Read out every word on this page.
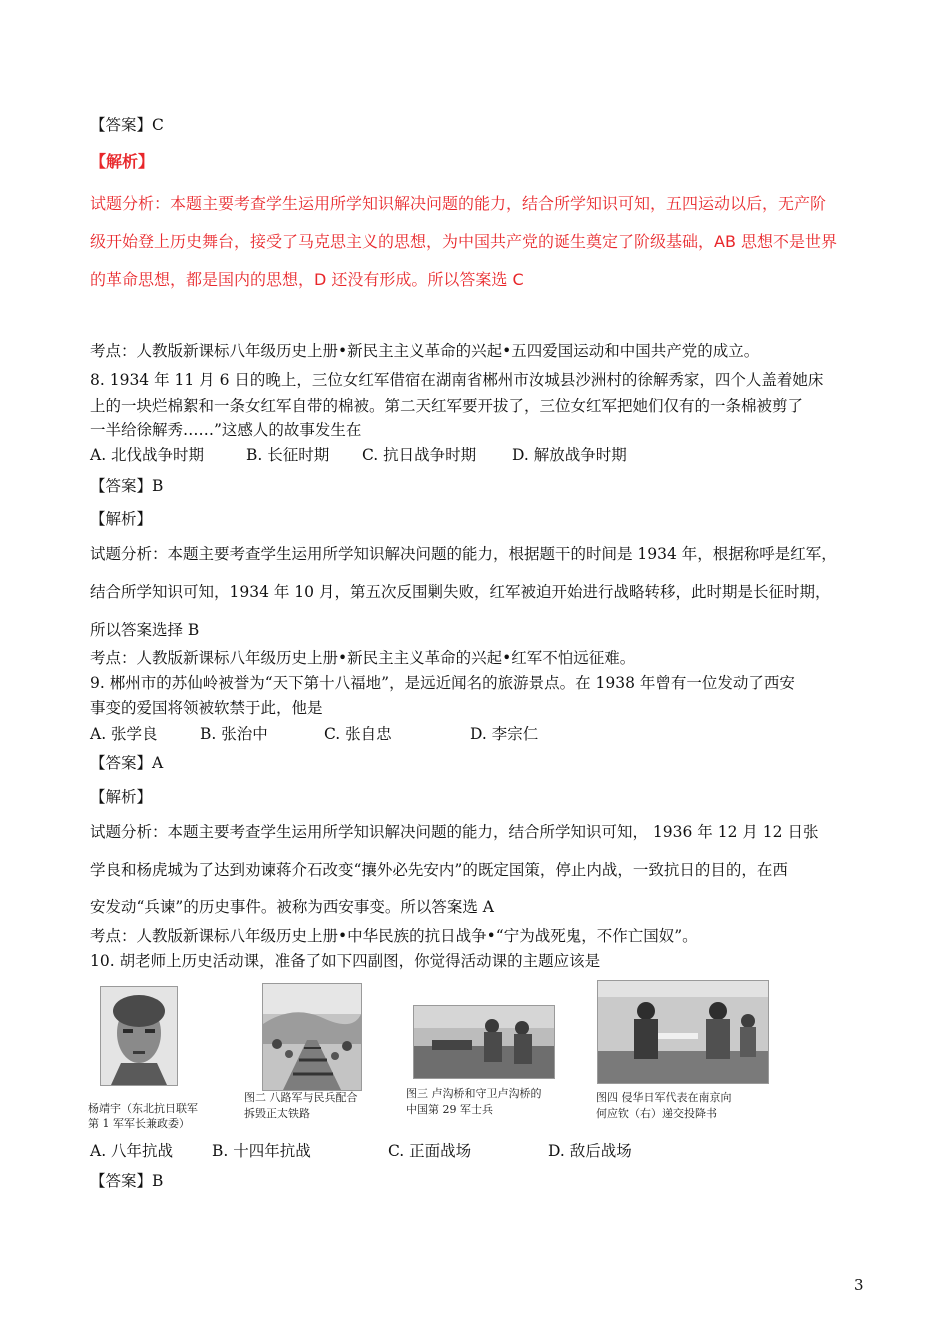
【答案】C
【解析】
试题分析：本题主要考查学生运用所学知识解决问题的能力，结合所学知识可知，五四运动以后，无产阶
级开始登上历史舞台，接受了马克思主义的思想，为中国共产党的诞生奠定了阶级基础，AB 思想不是世界
的革命思想，都是国内的思想，D 还没有形成。所以答案选 C
考点：人教版新课标八年级历史上册•新民主主义革命的兴起•五四爱国运动和中国共产党的成立。
8. 1934 年 11 月 6 日的晚上，三位女红军借宿在湖南省郴州市汝城县沙洲村的徐解秀家，四个人盖着她床
上的一块烂棉絮和一条女红军自带的棉被。第二天红军要开拔了，三位女红军把她们仅有的一条棉被剪了
一半给徐解秀……”这感人的故事发生在
A. 北伐战争时期	B. 长征时期 C. 抗日战争时期 D. 解放战争时期
【答案】B
【解析】
试题分析：本题主要考查学生运用所学知识解决问题的能力，根据题干的时间是 1934 年，根据称呼是红军，
结合所学知识可知，1934 年 10 月，第五次反围剿失败，红军被迫开始进行战略转移，此时期是长征时期，
所以答案选择 B
考点：人教版新课标八年级历史上册•新民主主义革命的兴起•红军不怕远征难。
9. 郴州市的苏仙岭被誉为“天下第十八福地”，是远近闻名的旅游景点。在 1938 年曾有一位发动了西安
事变的爱国将领被软禁于此，他是
A. 张学良	B. 张治中	C. 张自忠	D. 李宗仁
【答案】A
【解析】
试题分析：本题主要考查学生运用所学知识解决问题的能力，结合所学知识可知， 1936 年 12 月 12 日张
学良和杨虎城为了达到劝谏蒋介石改变“攘外必先安内”的既定国策，停止内战，一致抗日的目的，在西
安发动“兵谏”的历史事件。被称为西安事变。所以答案选 A
考点：人教版新课标八年级历史上册•中华民族的抗日战争•“宁为战死鬼，不作亡国奴”。
10. 胡老师上历史活动课，准备了如下四副图，你觉得活动课的主题应该是
杨靖宇（东北抗日联军
第 1 军军长兼政委）
图二 八路军与民兵配合
拆毁正太铁路
图三 卢沟桥和守卫卢沟桥的
中国第 29 军士兵
图四 侵华日军代表在南京向
何应钦（右）递交投降书
A. 八年抗战	B. 十四年抗战	C. 正面战场	D. 敌后战场
【答案】B
3
